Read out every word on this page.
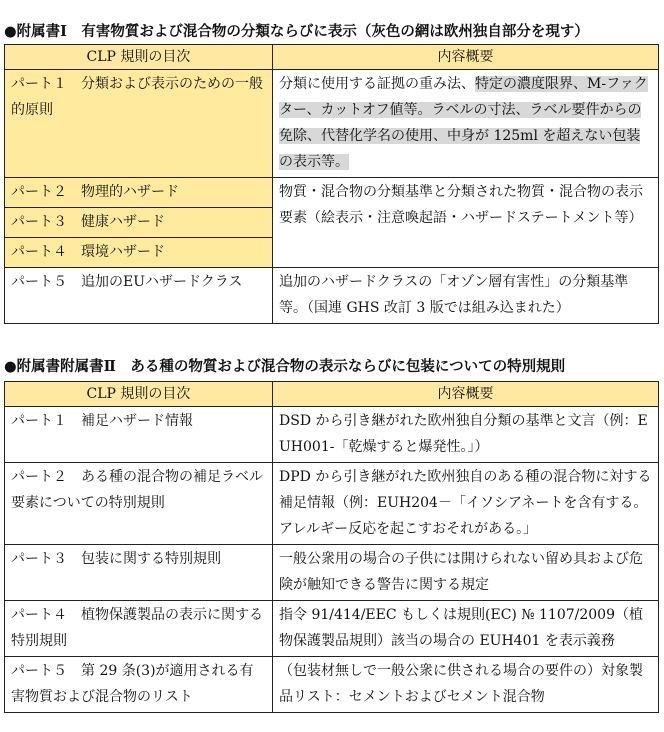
●附属書Ⅰ　有害物質および混合物の分類ならびに表示（灰色の網は欧州独自部分を現す）
CLP 規則の目次	内容概要
パート１　分類および表示のための一般的原則	分類に使用する証拠の重み法、特定の濃度限界、M-ファクター、カットオフ値等。ラベルの寸法、ラベル要件からの免除、代替化学名の使用、中身が 125ml を超えない包装の表示等。
パート２　物理的ハザード	物質・混合物の分類基準と分類された物質・混合物の表示要素（絵表示・注意喚起語・ハザードステートメント等）
パート３　健康ハザード	
パート４　環境ハザード	
パート５　追加のEUハザードクラス	追加のハザードクラスの「オゾン層有害性」の分類基準等。（国連 GHS 改訂 3 版では組み込まれた）
●附属書附属書Ⅱ　ある種の物質および混合物の表示ならびに包装についての特別規則
CLP 規則の目次	内容概要
パート１　補足ハザード情報	DSD から引き継がれた欧州独自分類の基準と文言（例：EUH001-「乾燥すると爆発性。」）
パート２　ある種の混合物の補足ラベル要素についての特別規則	DPD から引き継がれた欧州独自のある種の混合物に対する補足情報（例：EUH204－「イソシアネートを含有する。アレルギー反応を起こすおそれがある。」
パート３　包装に関する特別規則	一般公衆用の場合の子供には開けられない留め具および危険が触知できる警告に関する規定
パート４　植物保護製品の表示に関する特別規則	指令 91/414/EEC もしくは規則(EC) № 1107/2009（植物保護製品規則）該当の場合の EUH401 を表示義務
パート５　第 29 条(3)が適用される有害物質および混合物のリスト	（包装材無しで一般公衆に供される場合の要件の）対象製品リスト：セメントおよびセメント混合物
